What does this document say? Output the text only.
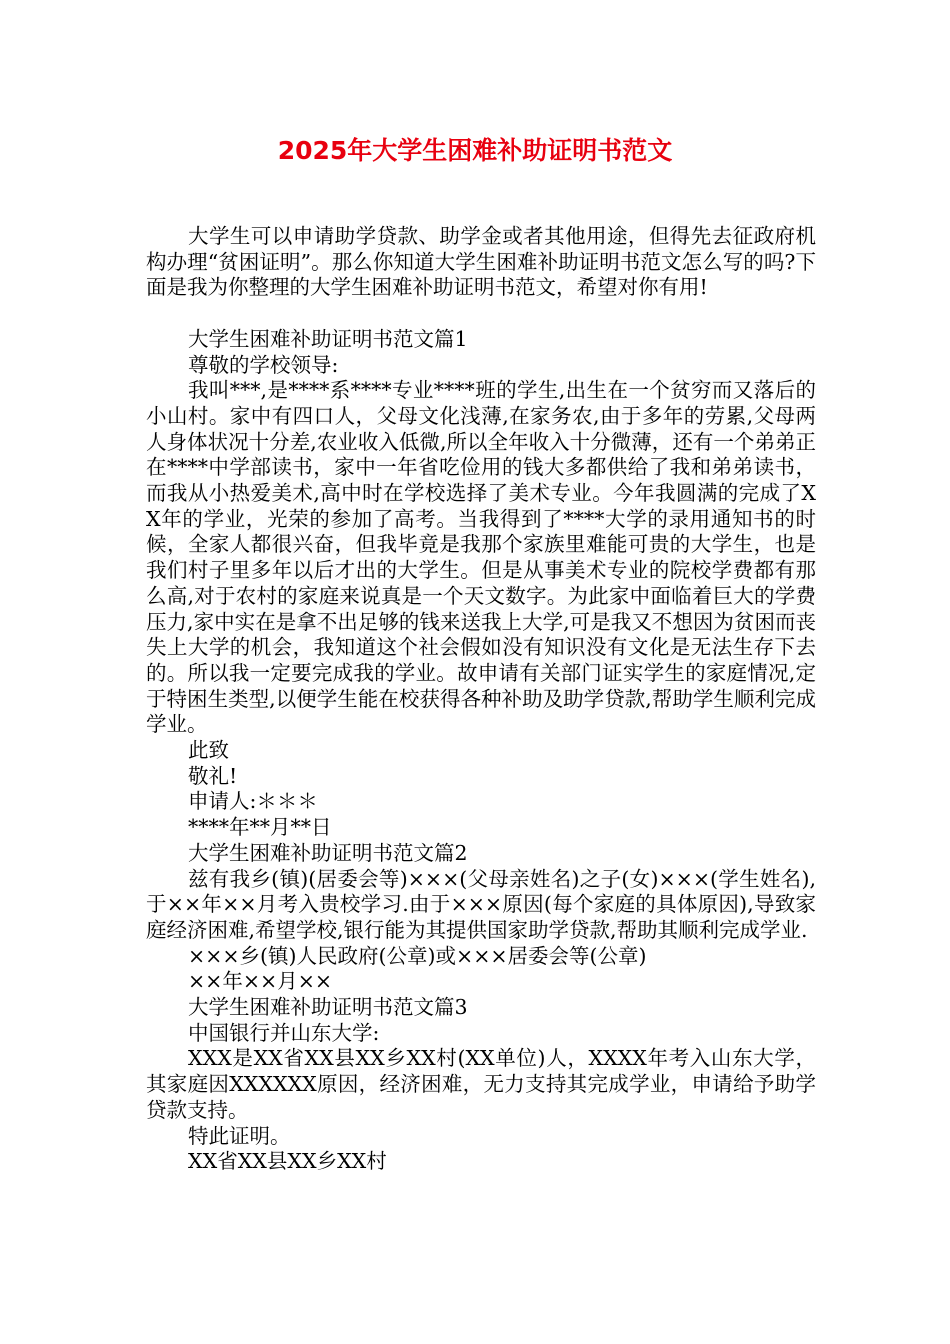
2025年大学生困难补助证明书范文

大学生可以申请助学贷款、助学金或者其他用途，但得先去征政府机构办理“贫困证明”。那么你知道大学生困难补助证明书范文怎么写的吗?下面是我为你整理的大学生困难补助证明书范文，希望对你有用!

大学生困难补助证明书范文篇1

尊敬的学校领导:

我叫***,是****系****专业****班的学生,出生在一个贫穷而又落后的小山村。家中有四口人，父母文化浅薄,在家务农,由于多年的劳累,父母两人身体状况十分差,农业收入低微,所以全年收入十分微薄，还有一个弟弟正在****中学部读书，家中一年省吃俭用的钱大多都供给了我和弟弟读书，而我从小热爱美术,高中时在学校选择了美术专业。今年我圆满的完成了XX年的学业，光荣的参加了高考。当我得到了****大学的录用通知书的时候，全家人都很兴奋，但我毕竟是我那个家族里难能可贵的大学生，也是我们村子里多年以后才出的大学生。但是从事美术专业的院校学费都有那么高,对于农村的家庭来说真是一个天文数字。为此家中面临着巨大的学费压力,家中实在是拿不出足够的钱来送我上大学,可是我又不想因为贫困而丧失上大学的机会，我知道这个社会假如没有知识没有文化是无法生存下去的。所以我一定要完成我的学业。故申请有关部门证实学生的家庭情况,定于特困生类型,以便学生能在校获得各种补助及助学贷款,帮助学生顺利完成学业。

此致

敬礼!

申请人:＊＊＊

****年**月**日

大学生困难补助证明书范文篇2

兹有我乡(镇)(居委会等)×××(父母亲姓名)之子(女)×××(学生姓名),于××年××月考入贵校学习.由于×××原因(每个家庭的具体原因),导致家庭经济困难,希望学校,银行能为其提供国家助学贷款,帮助其顺利完成学业.

×××乡(镇)人民政府(公章)或×××居委会等(公章)

××年××月××

大学生困难补助证明书范文篇3

中国银行并山东大学:

XXX是XX省XX县XX乡XX村(XX单位)人，XXXX年考入山东大学，其家庭因XXXXXX原因，经济困难，无力支持其完成学业，申请给予助学贷款支持。

特此证明。

XX省XX县XX乡XX村
